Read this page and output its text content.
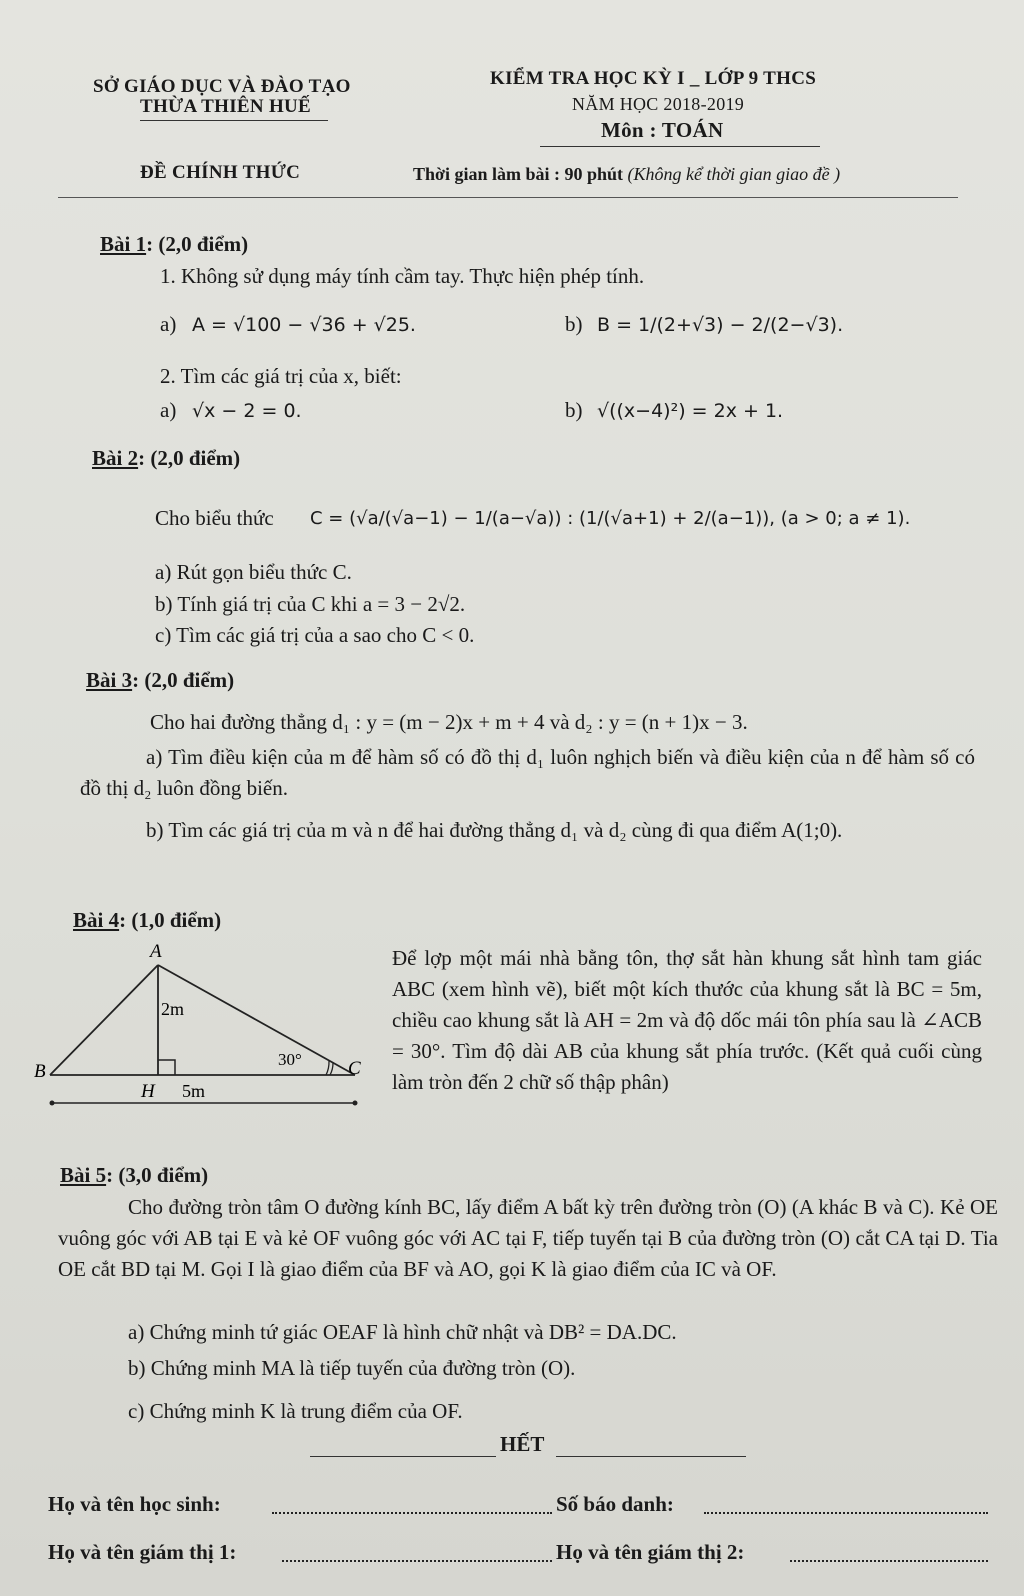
SỞ GIÁO DỤC VÀ ĐÀO TẠO
THỪA THIÊN HUẾ
KIỂM TRA HỌC KỲ I _ LỚP 9 THCS
NĂM HỌC 2018-2019
Môn : TOÁN
ĐỀ CHÍNH THỨC	Thời gian làm bài : 90 phút (Không kể thời gian giao đề )
Bài 1: (2,0 điểm)
1. Không sử dụng máy tính cầm tay. Thực hiện phép tính.
a) A = √100 − √36 + √25.	b) B = 1/(2+√3) − 2/(2−√3).
2. Tìm các giá trị của x, biết:
a) √x − 2 = 0.	b) √((x−4)²) = 2x + 1.
Bài 2: (2,0 điểm)
Cho biểu thức C = (√a/(√a−1) − 1/(a−√a)) : (1/(√a+1) + 2/(a−1)), (a > 0; a ≠ 1).
a) Rút gọn biểu thức C.
b) Tính giá trị của C khi a = 3 − 2√2.
c) Tìm các giá trị của a sao cho C < 0.
Bài 3: (2,0 điểm)
Cho hai đường thẳng d₁ : y = (m − 2)x + m + 4 và d₂ : y = (n + 1)x − 3.
a) Tìm điều kiện của m để hàm số có đồ thị d₁ luôn nghịch biến và điều kiện của n để hàm số có đồ thị d₂ luôn đồng biến.
b) Tìm các giá trị của m và n để hai đường thẳng d₁ và d₂ cùng đi qua điểm A(1;0).
Bài 4: (1,0 điểm)
A
B	C
H
2m
5m
30°
Để lợp một mái nhà bằng tôn, thợ sắt hàn khung sắt hình tam giác ABC (xem hình vẽ), biết một kích thước của khung sắt là BC = 5m, chiều cao khung sắt là AH = 2m và độ dốc mái tôn phía sau là ∠ACB = 30°. Tìm độ dài AB của khung sắt phía trước. (Kết quả cuối cùng làm tròn đến 2 chữ số thập phân)
Bài 5: (3,0 điểm)
Cho đường tròn tâm O đường kính BC, lấy điểm A bất kỳ trên đường tròn (O) (A khác B và C). Kẻ OE vuông góc với AB tại E và kẻ OF vuông góc với AC tại F, tiếp tuyến tại B của đường tròn (O) cắt CA tại D. Tia OE cắt BD tại M. Gọi I là giao điểm của BF và AO, gọi K là giao điểm của IC và OF.
a) Chứng minh tứ giác OEAF là hình chữ nhật và DB² = DA.DC.
b) Chứng minh MA là tiếp tuyến của đường tròn (O).
c) Chứng minh K là trung điểm của OF.
HẾT
Họ và tên học sinh:	Số báo danh:
Họ và tên giám thị 1:	Họ và tên giám thị 2:
